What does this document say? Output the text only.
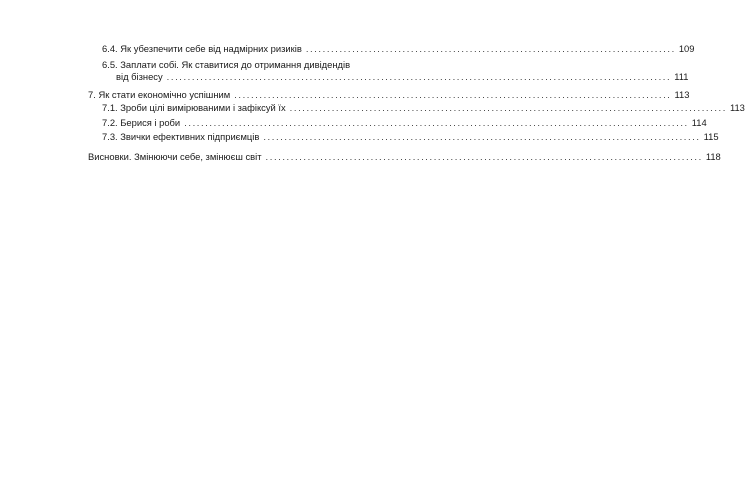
6.4. Як убезпечити себе від надмірних ризиків ........................................................................................ 109
6.5. Заплати собі. Як ставитися до отримання дивідендів
від бізнесу ........................................................................................................................ 111
7. Як стати економічно успішним ........................................................................................................ 113
7.1. Зроби цілі вимірюваними і зафіксуй їх ........................................................................................................ 113
7.2. Берися і роби ........................................................................................................................ 114
7.3. Звички ефективних підприємців ........................................................................................................ 115
Висновки. Змінюючи себе, змінюєш світ ........................................................................................................ 118
